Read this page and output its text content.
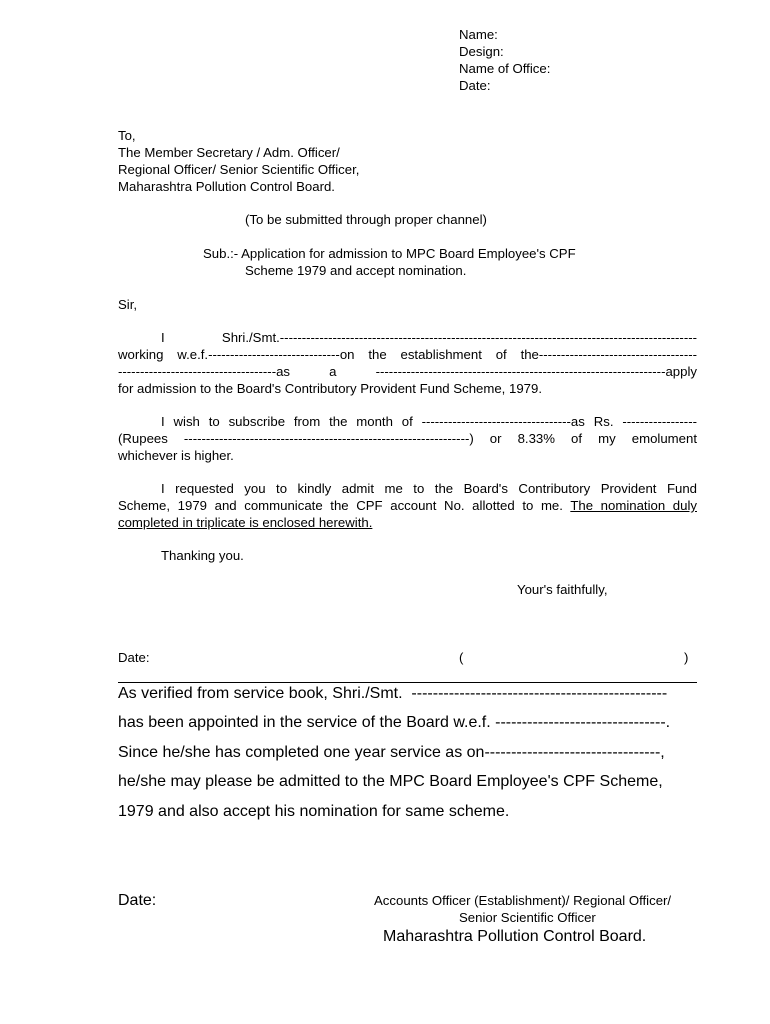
Name:
Design:
Name of Office:
Date:
To,
The Member Secretary / Adm. Officer/
Regional Officer/ Senior Scientific Officer,
Maharashtra Pollution Control Board.
(To be submitted through proper channel)
Sub.:- Application for admission to MPC Board Employee's CPF
Scheme 1979 and accept nomination.
Sir,
I Shri./Smt.-----------------------------------------------------------------------------------------------
working w.e.f.------------------------------on the establishment of the------------------------------------
------------------------------------as a ------------------------------------------------------------------apply
for admission to the Board's Contributory Provident Fund Scheme, 1979.
I wish to subscribe from the month of ----------------------------------as Rs. -----------------
(Rupees -----------------------------------------------------------------) or 8.33% of my emolument
whichever is higher.
I requested you to kindly admit me to the Board's Contributory Provident Fund
Scheme, 1979 and communicate the CPF account No. allotted to me. The nomination duly
completed in triplicate is enclosed herewith.
Thanking you.
Your's faithfully,
Date:	(	)
As verified from service book, Shri./Smt.  ------------------------------------------------
has been appointed in the service of the Board w.e.f. --------------------------------.
Since he/she has completed one year service as on---------------------------------,
he/she may please be admitted to the MPC Board Employee's CPF Scheme,
1979 and also accept his nomination for same scheme.
Date:	Accounts Officer (Establishment)/ Regional Officer/
Senior Scientific Officer
Maharashtra Pollution Control Board.
